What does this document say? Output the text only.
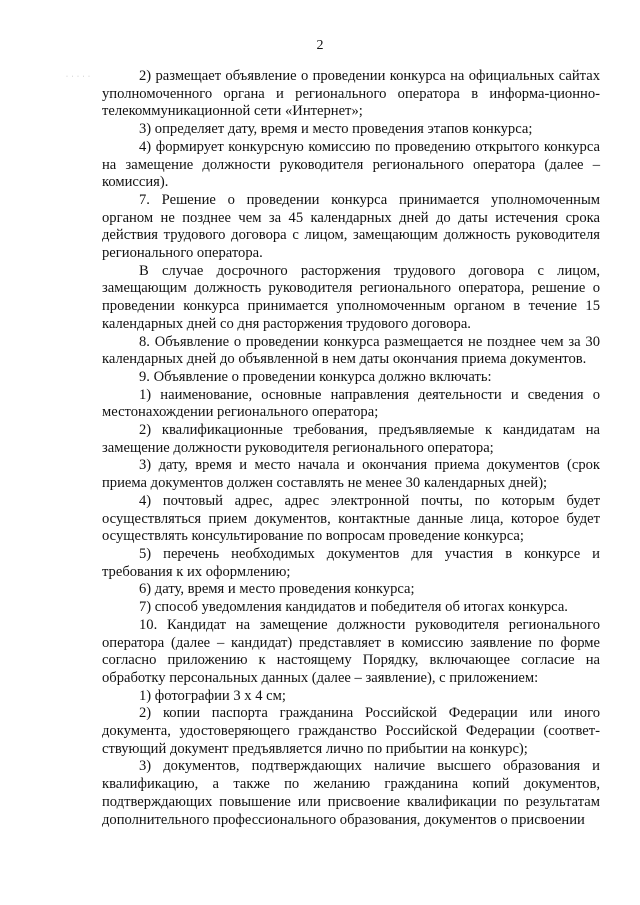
2
· · · · ·	2) размещает объявление о проведении конкурса на официальных сайтах уполномоченного органа и регионального оператора в информа-ционно-телекоммуникационной сети «Интернет»;

3) определяет дату, время и место проведения этапов конкурса;

4) формирует конкурсную комиссию по проведению открытого конкурса на замещение должности руководителя регионального оператора (далее – комиссия).

7. Решение о проведении конкурса принимается уполномоченным органом не позднее чем за 45 календарных дней до даты истечения срока действия трудового договора с лицом, замещающим должность руководителя регионального оператора.

В случае досрочного расторжения трудового договора с лицом, замещающим должность руководителя регионального оператора, решение о проведении конкурса принимается уполномоченным органом в течение 15 календарных дней со дня расторжения трудового договора.

8. Объявление о проведении конкурса размещается не позднее чем за 30 календарных дней до объявленной в нем даты окончания приема документов.

9. Объявление о проведении конкурса должно включать:

1) наименование, основные направления деятельности и сведения о местонахождении регионального оператора;

2) квалификационные требования, предъявляемые к кандидатам на замещение должности руководителя регионального оператора;

3) дату, время и место начала и окончания приема документов (срок приема документов должен составлять не менее 30 календарных дней);

4) почтовый адрес, адрес электронной почты, по которым будет осуществляться прием документов, контактные данные лица, которое будет осуществлять консультирование по вопросам проведение конкурса;

5) перечень необходимых документов для участия в конкурсе и требования к их оформлению;

6) дату, время и место проведения конкурса;

7) способ уведомления кандидатов и победителя об итогах конкурса.

10. Кандидат на замещение должности руководителя регионального оператора (далее – кандидат) представляет в комиссию заявление по форме согласно приложению к настоящему Порядку, включающее согласие на обработку персональных данных (далее – заявление), с приложением:

1) фотографии 3 х 4 см;

2) копии паспорта гражданина Российской Федерации или иного документа, удостоверяющего гражданство Российской Федерации (соответ-ствующий документ предъявляется лично по прибытии на конкурс);

3) документов, подтверждающих наличие высшего образования и квалификацию, а также по желанию гражданина копий документов, подтверждающих повышение или присвоение квалификации по результатам дополнительного профессионального образования, документов о присвоении
